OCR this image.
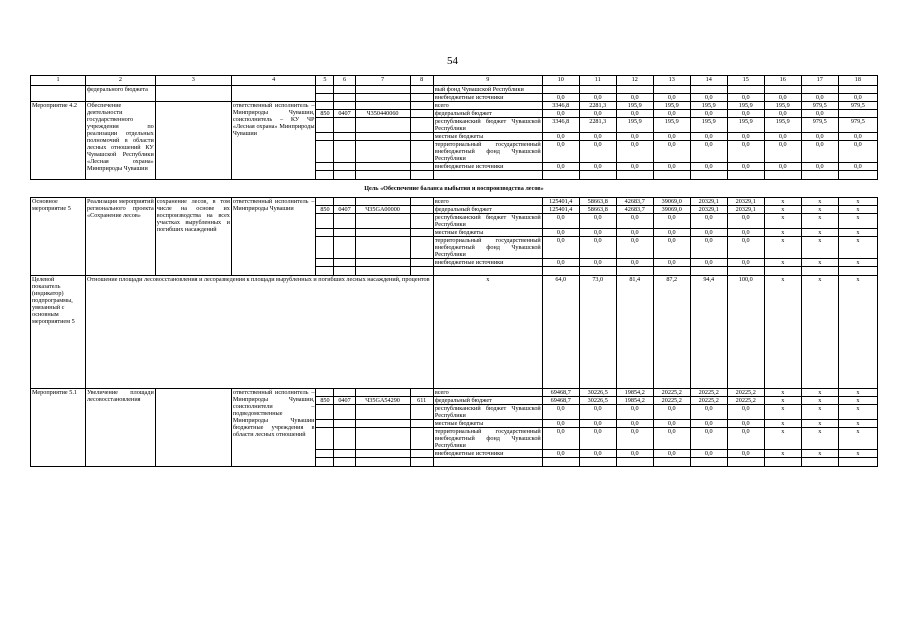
54
1	2	3	4	5	6	7	8	9	10	11	12	13	14	15	16	17	18
	федерального бюджета							вый фонд Чувашской Республики									
								внебюджетные источники	0,0	0,0	0,0	0,0	0,0	0,0	0,0	0,0	0,0
Мероприятие 4.2	Обеспечение деятельности государственного учреждения по реализации отдельных полномочий в области лесных отношений КУ Чувашской Республики «Лесная охрана» Минприроды Чувашии		ответственный исполнитель – Минприроды Чувашии, соисполнитель – КУ ЧР «Лесная охрана» Минприроды Чувашии					всего	3346,8	2281,3	195,9	195,9	195,9	195,9	195,9	979,5	979,5
				850	0407	Ч350440060		федеральный бюджет	0,0	0,0	0,0	0,0	0,0	0,0	0,0	0,0	
								республиканский бюджет Чувашской Республики	3346,8	2281,3	195,9	195,9	195,9	195,9	195,9	979,5	979,5
								местные бюджеты	0,0	0,0	0,0	0,0	0,0	0,0	0,0	0,0	0,0
								территориальный государственный внебюджетный фонд Чувашской Республики	0,0	0,0	0,0	0,0	0,0	0,0	0,0	0,0	0,0
								внебюджетные источники	0,0	0,0	0,0	0,0	0,0	0,0	0,0	0,0	0,0

Цель «Обеспечение баланса выбытия и воспроизводства лесов»																	
Основное мероприятие 5	Реализация мероприятий регионального проекта «Сохранение лесов»	сохранение лесов, в том числе на основе их воспроизводства на всех участках вырубленных и погибших насаждений	ответственный исполнитель – Минприроды Чувашии					всего	125401,4	58663,8	42683,7	39069,0	20329,1	20329,1	x	x	x
				850	0407	Ч35GA00000		федеральный бюджет	125401,4	58663,8	42683,7	39069,0	20329,1	20329,1	x	x	x
								республиканский бюджет Чувашской Республики	0,0	0,0	0,0	0,0	0,0	0,0	x	x	x
								местные бюджеты	0,0	0,0	0,0	0,0	0,0	0,0	x	x	x
								территориальный государственный внебюджетный фонд Чувашской Республики	0,0	0,0	0,0	0,0	0,0	0,0	x	x	x
								внебюджетные источники	0,0	0,0	0,0	0,0	0,0	0,0	x	x	x

Целевой показатель (индикатор) подпрограммы, увязанный с основным мероприятием 5	Отношение площади лесовосстановления и лесоразведения к площади вырубленных и погибших лесных насаждений, процентов							x	64,0	73,0	81,4	87,2	94,4	100,0	x	x	x
Мероприятие 5.1	Увеличение площади лесовосстановления		ответственный исполнитель – Минприроды Чувашии, соисполнители – подведомственные Минприроды Чувашии бюджетные учреждения в области лесных отношений					всего	69468,7	30226,5	19854,2	20225,2	20225,2	20225,2	x	x	x
				850	0407	Ч35GA54290	611	федеральный бюджет	69468,7	30226,5	19854,2	20225,2	20225,2	20225,2	x	x	x
								республиканский бюджет Чувашской Республики	0,0	0,0	0,0	0,0	0,0	0,0	x	x	x
								местные бюджеты	0,0	0,0	0,0	0,0	0,0	0,0	x	x	x
								территориальный государственный внебюджетный фонд Чувашской Республики	0,0	0,0	0,0	0,0	0,0	0,0	x	x	x
								внебюджетные источники	0,0	0,0	0,0	0,0	0,0	0,0	x	x	x
